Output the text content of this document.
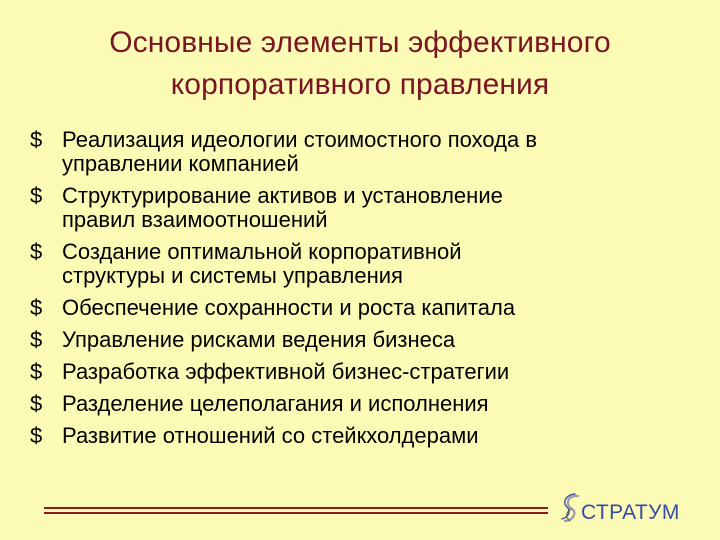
Основные элементы эффективного
корпоративного правления
$ Реализация идеологии стоимостного похода в
управлении компанией
$ Структурирование активов и установление
правил взаимоотношений
$ Создание оптимальной корпоративной
структуры и системы управления
$ Обеспечение сохранности и роста капитала
$ Управление рисками ведения бизнеса
$ Разработка эффективной бизнес-стратегии
$ Разделение целеполагания и исполнения
$ Развитие отношений со стейкхолдерами
СТРАТУМ
